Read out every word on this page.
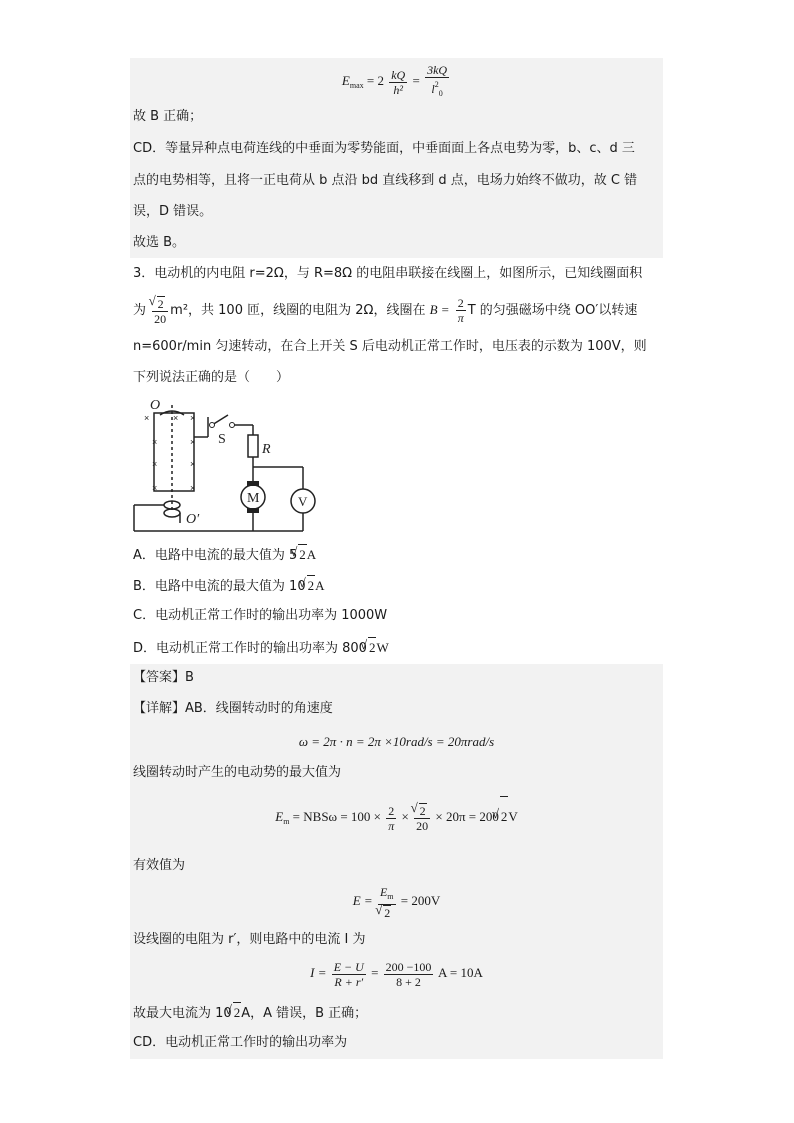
$E_{max} = 2 \frac{kQ}{\text{h²}} = \frac{3kQ}{l^2_0}$
故 B 正确；
CD．等量异种点电荷连线的中垂面为零势能面，中垂面面上各点电势为零，b、c、d 三
点的电势相等，且将一正电荷从 b 点沿 bd 直线移到 d 点，电场力始终不做功，故 C 错
误，D 错误。
故选 B。
3．电动机的内电阻 r=2Ω，与 R=8Ω 的电阻串联接在线圈上，如图所示，已知线圈面积
为
√ $\frac{2}{20} m^2$，共 100 匝，线圈的电阻为 2Ω，线圈在 $B = \frac{2}{\pi}$ T 的匀强磁场中绕 OO′以转速
n=600r/min 匀速转动，在合上开关 S 后电动机正常工作时，电压表的示数为 100V，则
下列说法正确的是（　　）
×	× ×
×	×
×	×
×	×
O
O′
S
R
M	V
A．电路中电流的最大值为 5√ 2A
B．电路中电流的最大值为 10√ 2A
C．电动机正常工作时的输出功率为 1000W
D．电动机正常工作时的输出功率为 800√ 2W
【答案】B
【详解】AB．线圈转动时的角速度
ω = 2π · n = 2π ×10rad/s = 20πrad/s
线圈转动时产生的电动势的最大值为
$E_m = NBS\omega = 100 \times \frac{2}{\pi}$ ×
√ $\frac{2}{20} \times 20\pi = 200√$ 2V
有效值为
$E = E_m$
√ 2 = 200V
设线圈的电阻为 r′，则电路中的电流 I 为
$I = \frac{E - U}{R + r'} = \frac{200 -100}{8 + 2}$ A = 10A
故最大电流为 10√ 2A，A 错误，B 正确；
CD．电动机正常工作时的输出功率为
